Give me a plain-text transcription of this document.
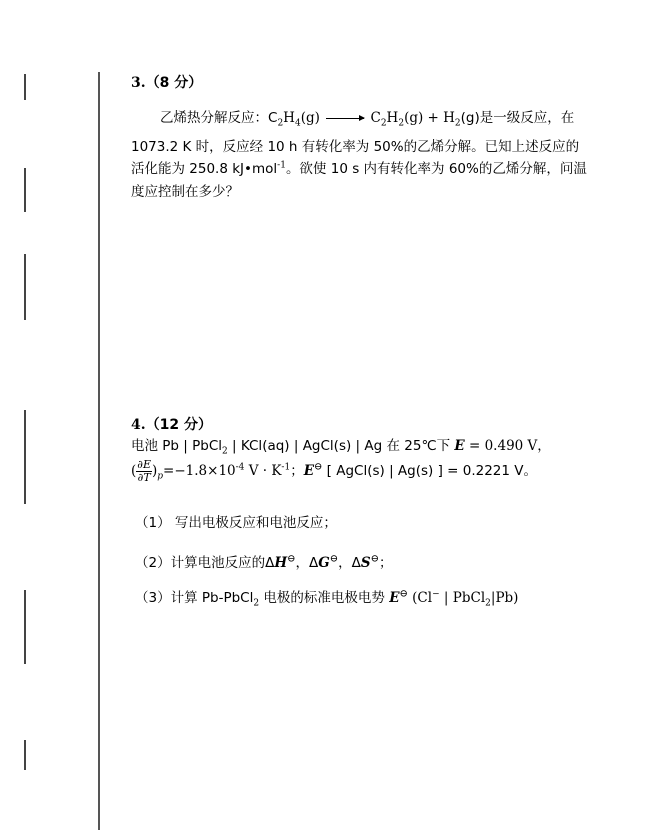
3.（8 分）
乙烯热分解反应：$C_2H_4(g) \to C_2H_2(g) + H_2(g)$是一级反应，在
1073.2 K 时，反应经 10 h 有转化率为 50%的乙烯分解。已知上述反应的
活化能为 250.8 kJ•mol$^{-1}$。欲使 10 s 内有转化率为 60%的乙烯分解，问温
度应控制在多少？
4.（12 分）
电池 Pb | PbCl$_2$ | KCl(aq) | AgCl(s) | Ag 在 25℃下 E = 0.490 V，
( $\frac{\partial E}{\partial T} )_p=-1.8\times 10^{-4}$ $V \cdot K^{-1}$；E⊖ [ AgCl(s) | Ag(s) ] = 0.2221 V。
（1） 写出电极反应和电池反应；
（2）计算电池反应的ΔH⊖，ΔG⊖，ΔS⊖；
（3）计算 Pb-PbCl$_2$ 电极的标准电极电势 E⊖ (Cl− | PbCl$_2$|Pb)
